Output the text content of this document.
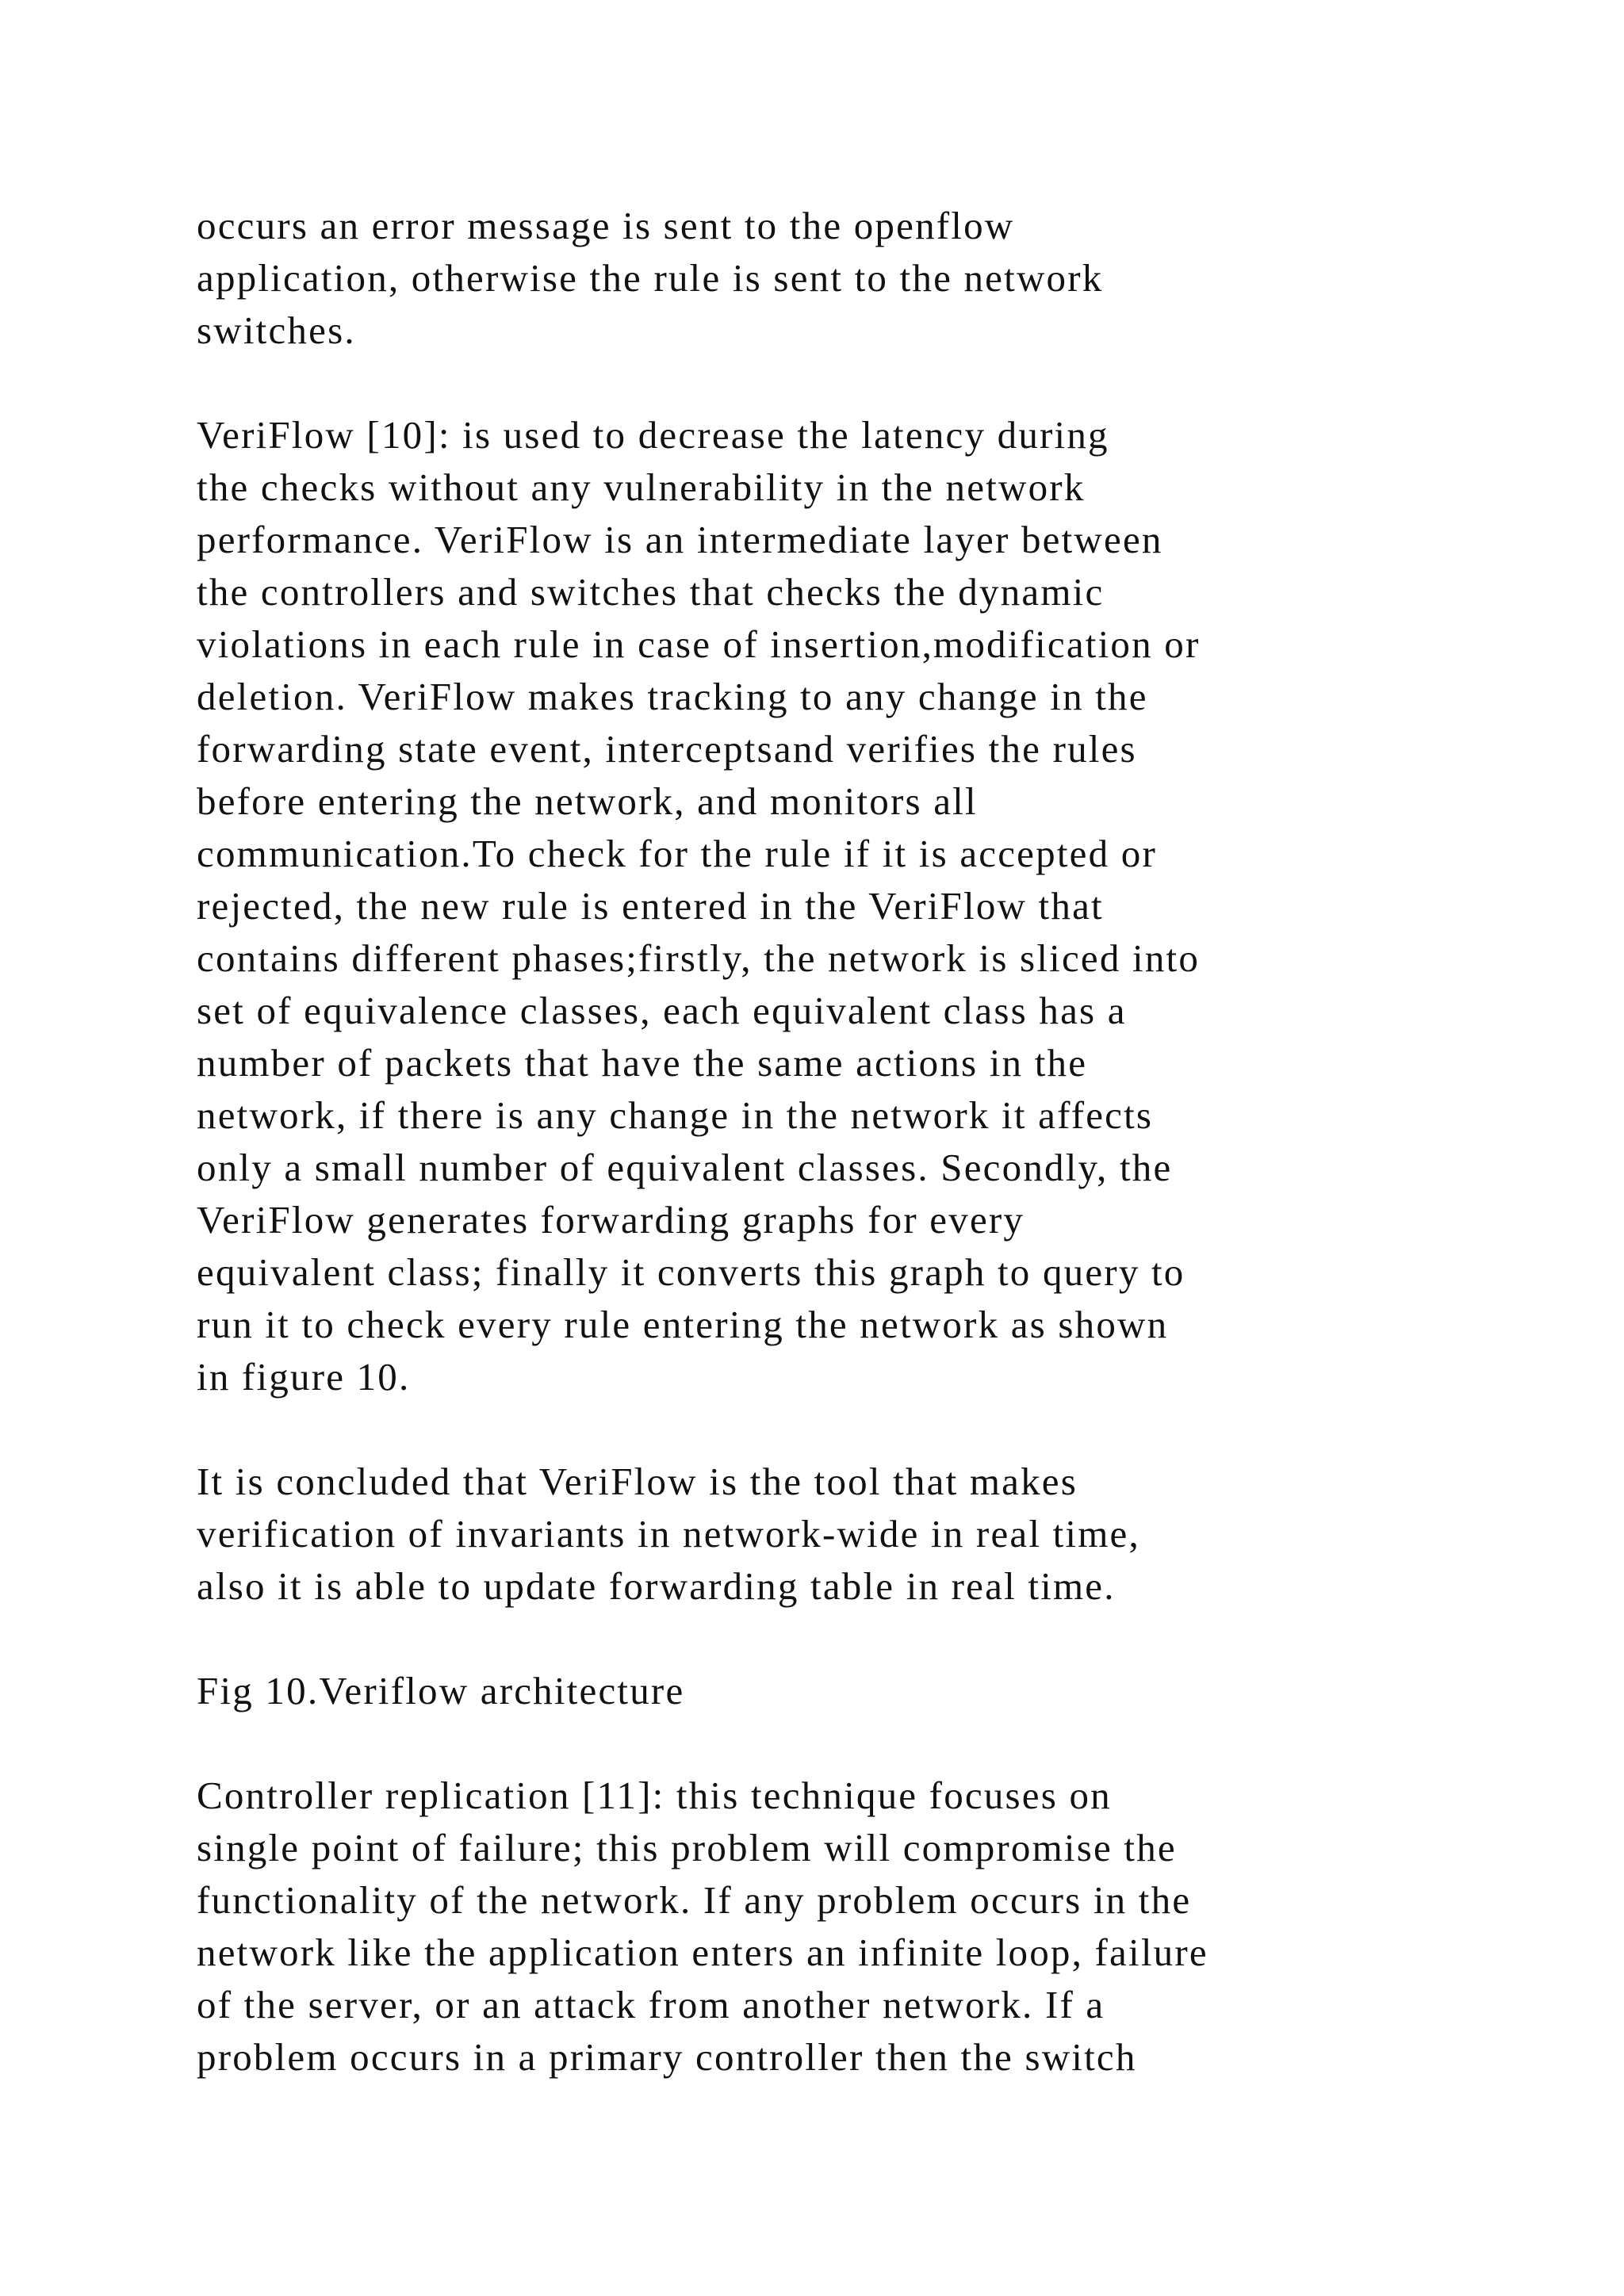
occurs an error message is sent to the openflow
application, otherwise the rule is sent to the network
switches.

VeriFlow [10]: is used to decrease the latency during
the checks without any vulnerability in the network
performance. VeriFlow is an intermediate layer between
the controllers and switches that checks the dynamic
violations in each rule in case of insertion,modification or
deletion. VeriFlow makes tracking to any change in the
forwarding state event, interceptsand verifies the rules
before entering the network, and monitors all
communication.To check for the rule if it is accepted or
rejected, the new rule is entered in the VeriFlow that
contains different phases;firstly, the network is sliced into
set of equivalence classes, each equivalent class has a
number of packets that have the same actions in the
network, if there is any change in the network it affects
only a small number of equivalent classes. Secondly, the
VeriFlow generates forwarding graphs for every
equivalent class; finally it converts this graph to query to
run it to check every rule entering the network as shown
in figure 10.

It is concluded that VeriFlow is the tool that makes
verification of invariants in network-wide in real time,
also it is able to update forwarding table in real time.

Fig 10.Veriflow architecture

Controller replication [11]: this technique focuses on
single point of failure; this problem will compromise the
functionality of the network. If any problem occurs in the
network like the application enters an infinite loop, failure
of the server, or an attack from another network. If a
problem occurs in a primary controller then the switch
